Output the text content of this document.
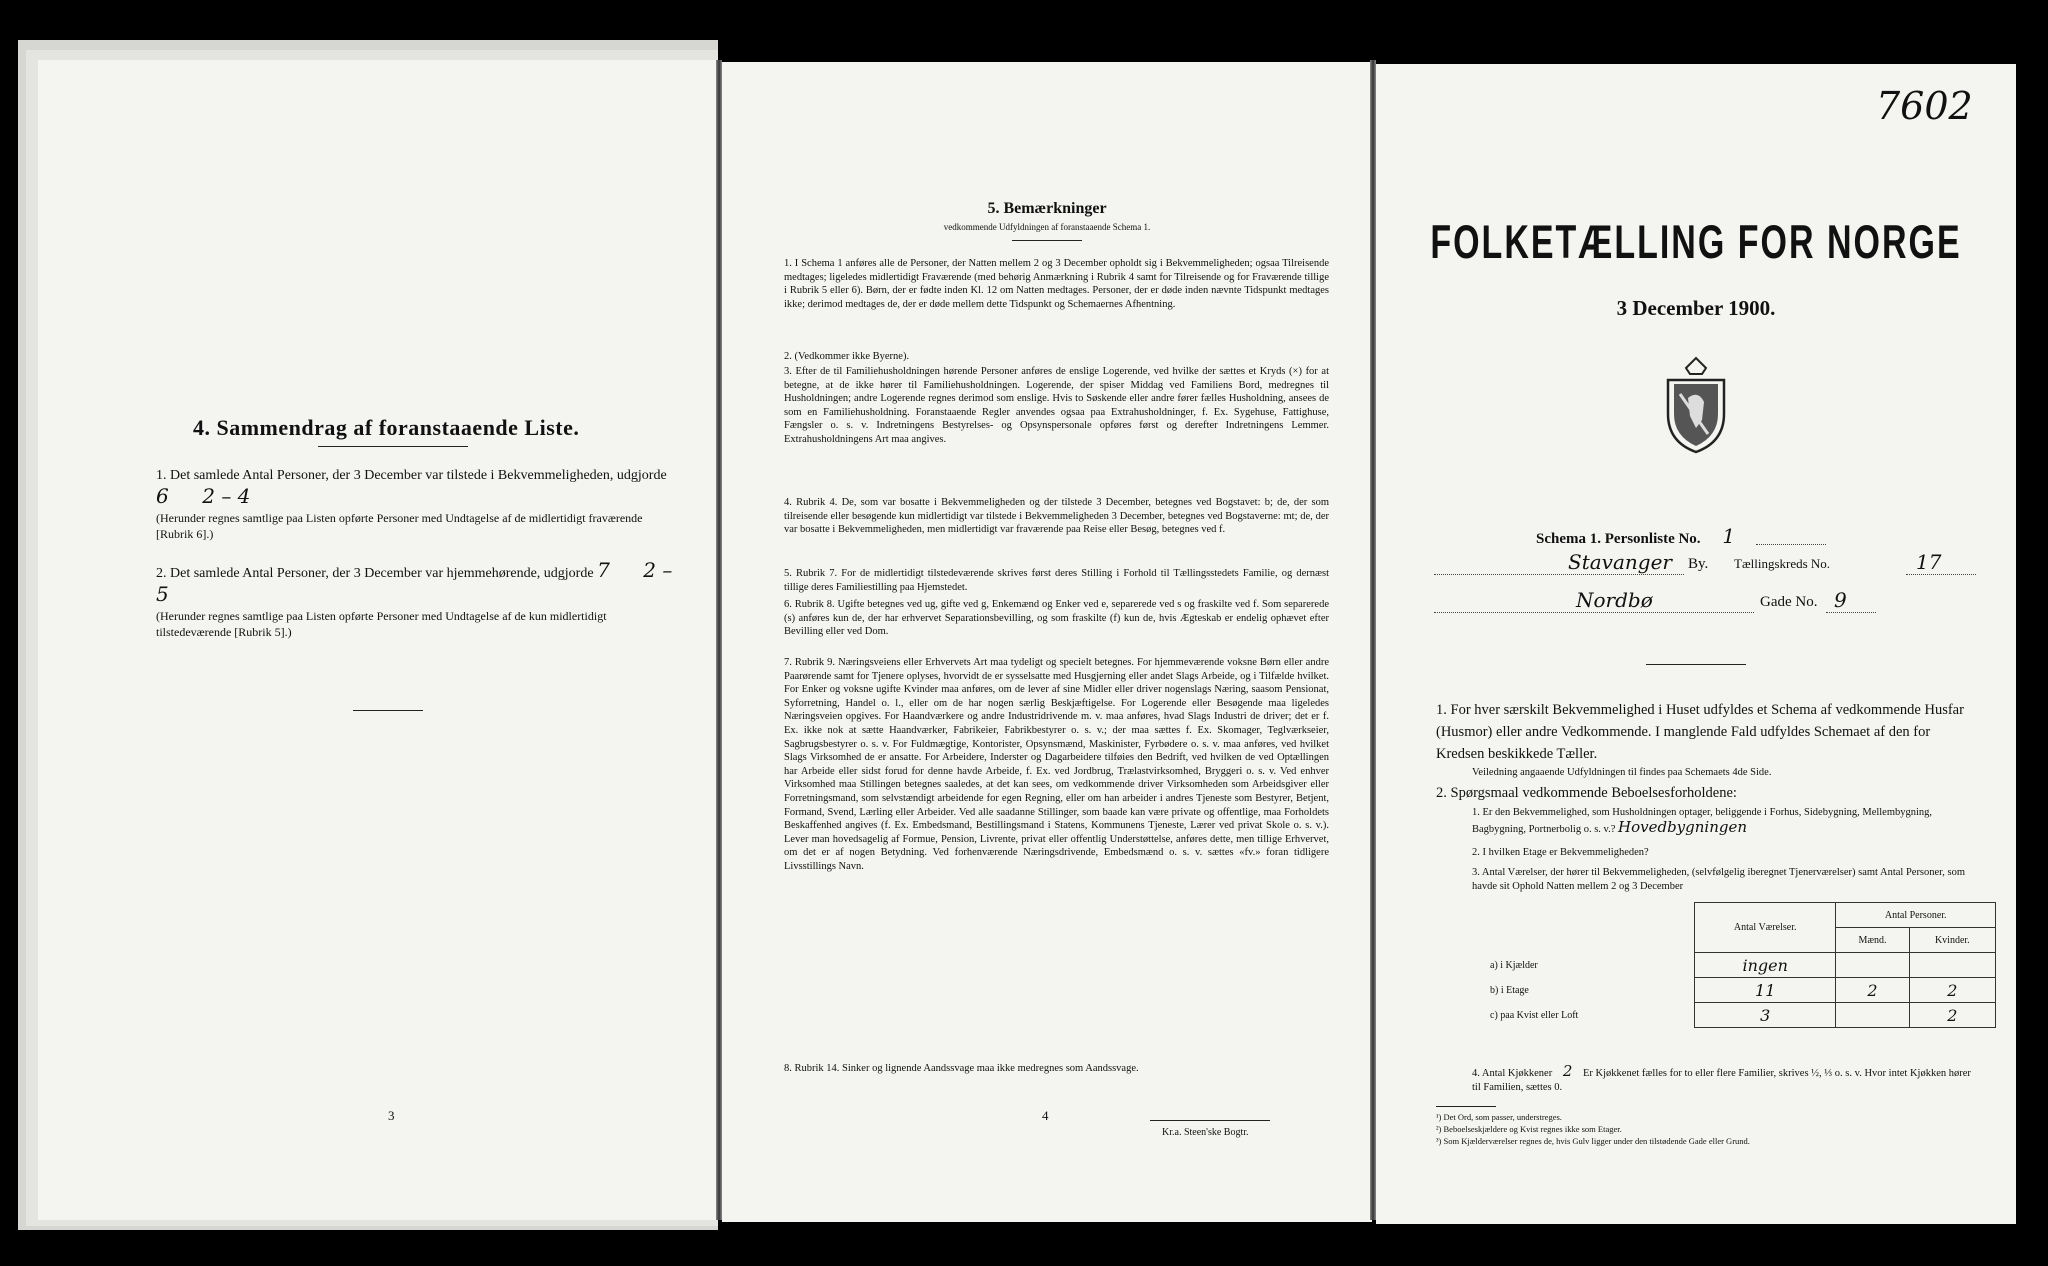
4. Sammendrag af foranstaaende Liste.
1. Det samlede Antal Personer, der 3 December var tilstede i Bekvemmeligheden, udgjorde 6 2 – 4
(Herunder regnes samtlige paa Listen opførte Personer med Undtagelse af de midlertidigt fraværende [Rubrik 6].)
2. Det samlede Antal Personer, der 3 December var hjemmehørende, udgjorde 7 2 – 5
(Herunder regnes samtlige paa Listen opførte Personer med Undtagelse af de kun midlertidigt tilstedeværende [Rubrik 5].)
3
5. Bemærkninger
vedkommende Udfyldningen af foranstaaende Schema 1.
1. I Schema 1 anføres alle de Personer, der Natten mellem 2 og 3 December opholdt sig i Bekvemmeligheden; ogsaa Tilreisende medtages; ligeledes midlertidigt Fraværende (med behørig Anmærkning i Rubrik 4 samt for Tilreisende og for Fraværende tillige i Rubrik 5 eller 6). Børn, der er fødte inden Kl. 12 om Natten medtages. Personer, der er døde inden nævnte Tidspunkt medtages ikke; derimod medtages de, der er døde mellem dette Tidspunkt og Schemaernes Afhentning.
2. (Vedkommer ikke Byerne).
3. Efter de til Familiehusholdningen hørende Personer anføres de enslige Logerende, ved hvilke der sættes et Kryds (×) for at betegne, at de ikke hører til Familiehusholdningen. Logerende, der spiser Middag ved Familiens Bord, medregnes til Husholdningen; andre Logerende regnes derimod som enslige. Hvis to Søskende eller andre fører fælles Husholdning, ansees de som en Familiehusholdning. Foranstaaende Regler anvendes ogsaa paa Extrahusholdninger, f. Ex. Sygehuse, Fattighuse, Fængsler o. s. v. Indretningens Bestyrelses- og Opsynspersonale opføres først og derefter Indretningens Lemmer. Extrahusholdningens Art maa angives.
4. Rubrik 4. De, som var bosatte i Bekvemmeligheden og der tilstede 3 December, betegnes ved Bogstavet: b; de, der som tilreisende eller besøgende kun midlertidigt var tilstede i Bekvemmeligheden 3 December, betegnes ved Bogstaverne: mt; de, der var bosatte i Bekvemmeligheden, men midlertidigt var fraværende paa Reise eller Besøg, betegnes ved f.
5. Rubrik 7. For de midlertidigt tilstedeværende skrives først deres Stilling i Forhold til Tællingsstedets Familie, og dernæst tillige deres Familiestilling paa Hjemstedet.
6. Rubrik 8. Ugifte betegnes ved ug, gifte ved g, Enkemænd og Enker ved e, separerede ved s og fraskilte ved f. Som separerede (s) anføres kun de, der har erhvervet Separationsbevilling, og som fraskilte (f) kun de, hvis Ægteskab er endelig ophævet efter Bevilling eller ved Dom.
7. Rubrik 9. Næringsveiens eller Erhvervets Art maa tydeligt og specielt betegnes. For hjemmeværende voksne Børn eller andre Paarørende samt for Tjenere oplyses, hvorvidt de er sysselsatte med Husgjerning eller andet Slags Arbeide, og i Tilfælde hvilket. For Enker og voksne ugifte Kvinder maa anføres, om de lever af sine Midler eller driver nogenslags Næring, saasom Pensionat, Syforretning, Handel o. l., eller om de har nogen særlig Beskjæftigelse. For Logerende eller Besøgende maa ligeledes Næringsveien opgives. For Haandværkere og andre Industridrivende m. v. maa anføres, hvad Slags Industri de driver; det er f. Ex. ikke nok at sætte Haandværker, Fabrikeier, Fabrikbestyrer o. s. v.; der maa sættes f. Ex. Skomager, Teglværkseier, Sagbrugsbestyrer o. s. v. For Fuldmægtige, Kontorister, Opsynsmænd, Maskinister, Fyrbødere o. s. v. maa anføres, ved hvilket Slags Virksomhed de er ansatte. For Arbeidere, Inderster og Dagarbeidere tilføies den Bedrift, ved hvilken de ved Optællingen har Arbeide eller sidst forud for denne havde Arbeide, f. Ex. ved Jordbrug, Trælastvirksomhed, Bryggeri o. s. v. Ved enhver Virksomhed maa Stillingen betegnes saaledes, at det kan sees, om vedkommende driver Virksomheden som Arbeidsgiver eller Forretningsmand, som selvstændigt arbeidende for egen Regning, eller om han arbeider i andres Tjeneste som Bestyrer, Betjent, Formand, Svend, Lærling eller Arbeider. Ved alle saadanne Stillinger, som baade kan være private og offentlige, maa Forholdets Beskaffenhed angives (f. Ex. Embedsmand, Bestillingsmand i Statens, Kommunens Tjeneste, Lærer ved privat Skole o. s. v.). Lever man hovedsagelig af Formue, Pension, Livrente, privat eller offentlig Understøttelse, anføres dette, men tillige Erhvervet, om det er af nogen Betydning. Ved forhenværende Næringsdrivende, Embedsmænd o. s. v. sættes «fv.» foran tidligere Livsstillings Navn.
8. Rubrik 14. Sinker og lignende Aandssvage maa ikke medregnes som Aandssvage.
4
Kr.a. Steen'ske Bogtr.
7602
FOLKETÆLLING FOR NORGE
3 December 1900.
Schema 1. Personliste No. 1
Stavanger By. Tællingskreds No.	17
Nordbø	Gade No. 9
1. For hver særskilt Bekvemmelighed i Huset udfyldes et Schema af vedkommende Husfar (Husmor) eller andre Vedkommende. I manglende Fald udfyldes Schemaet af den for Kredsen beskikkede Tæller.
Veiledning angaaende Udfyldningen til findes paa Schemaets 4de Side.
2. Spørgsmaal vedkommende Beboelsesforholdene:
1. Er den Bekvemmelighed, som Husholdningen optager, beliggende i Forhus, Sidebygning, Mellembygning, Bagbygning, Portnerbolig o. s. v.? Hovedbygningen
2. I hvilken Etage er Bekvemmeligheden?
3. Antal Værelser, der hører til Bekvemmeligheden, (selvfølgelig iberegnet Tjenerværelser) samt Antal Personer, som havde sit Ophold Natten mellem 2 og 3 December
	Antal Værelser.	Antal Personer.	
		Mænd.	Kvinder.
a) i Kjælder	ingen		
b) i Etage	11	2	2
c) paa Kvist eller Loft	3		2
4. Antal Kjøkkener 2 Er Kjøkkenet fælles for to eller flere Familier, skrives ½, ⅓ o. s. v. Hvor intet Kjøkken hører til Familien, sættes 0.
¹) Det Ord, som passer, understreges.
²) Beboelseskjældere og Kvist regnes ikke som Etager.
³) Som Kjælderværelser regnes de, hvis Gulv ligger under den tilstødende Gade eller Grund.
